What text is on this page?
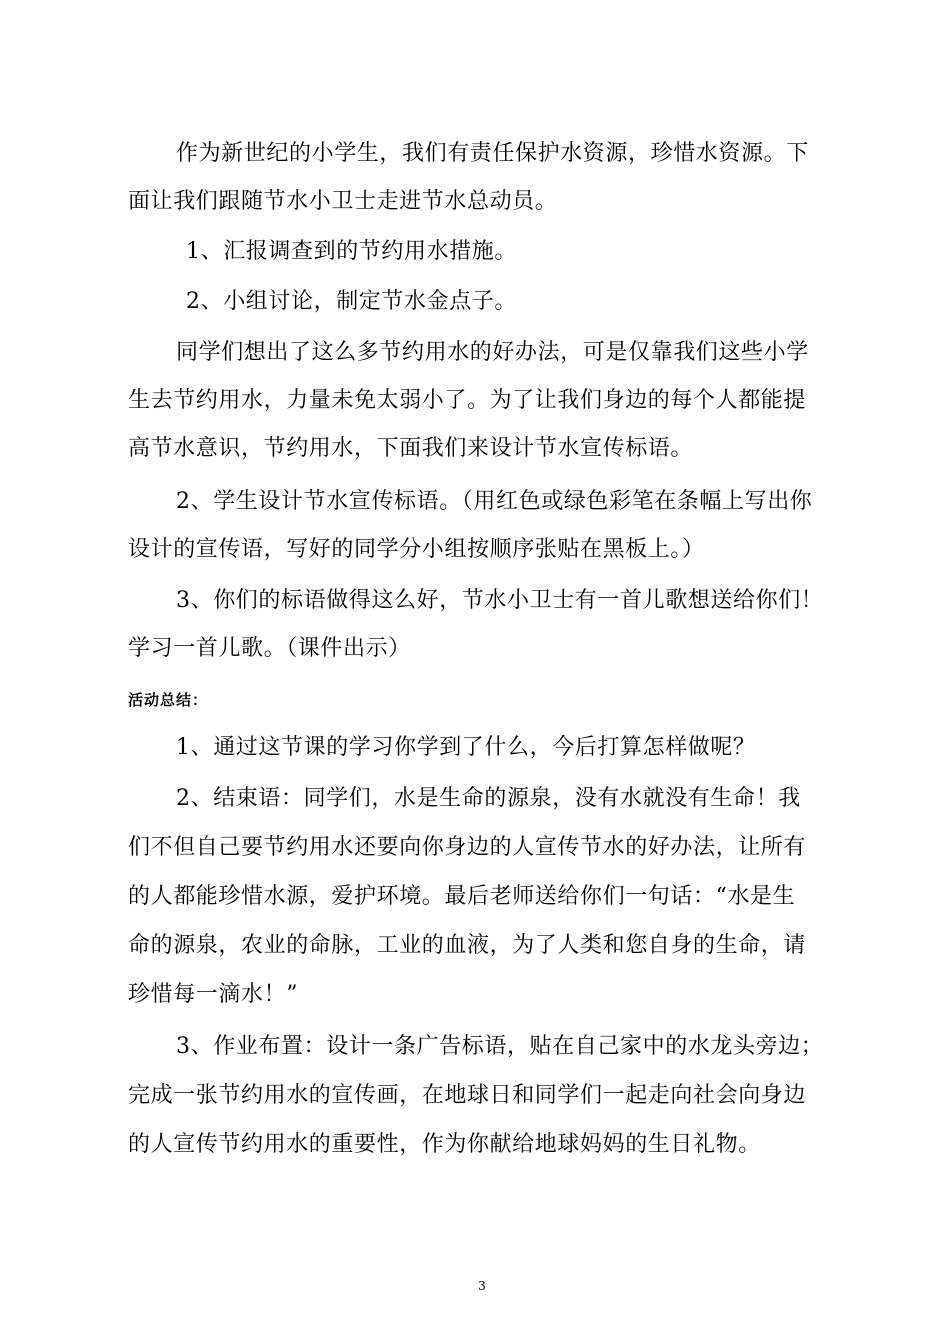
作为新世纪的小学生，我们有责任保护水资源，珍惜水资源。下
面让我们跟随节水小卫士走进节水总动员。
1、汇报调查到的节约用水措施。
2、小组讨论，制定节水金点子。
同学们想出了这么多节约用水的好办法，可是仅靠我们这些小学
生去节约用水，力量未免太弱小了。为了让我们身边的每个人都能提
高节水意识，节约用水，下面我们来设计节水宣传标语。
2、学生设计节水宣传标语。（用红色或绿色彩笔在条幅上写出你
设计的宣传语，写好的同学分小组按顺序张贴在黑板上。）
3、你们的标语做得这么好，节水小卫士有一首儿歌想送给你们！
学习一首儿歌。（课件出示）
活动总结：
1、通过这节课的学习你学到了什么，今后打算怎样做呢？
2、结束语：同学们，水是生命的源泉，没有水就没有生命！我
们不但自己要节约用水还要向你身边的人宣传节水的好办法，让所有
的人都能珍惜水源，爱护环境。最后老师送给你们一句话：“水是生
命的源泉，农业的命脉，工业的血液，为了人类和您自身的生命，请
珍惜每一滴水！”
3、作业布置：设计一条广告标语，贴在自己家中的水龙头旁边；
完成一张节约用水的宣传画，在地球日和同学们一起走向社会向身边
的人宣传节约用水的重要性，作为你献给地球妈妈的生日礼物。
3
